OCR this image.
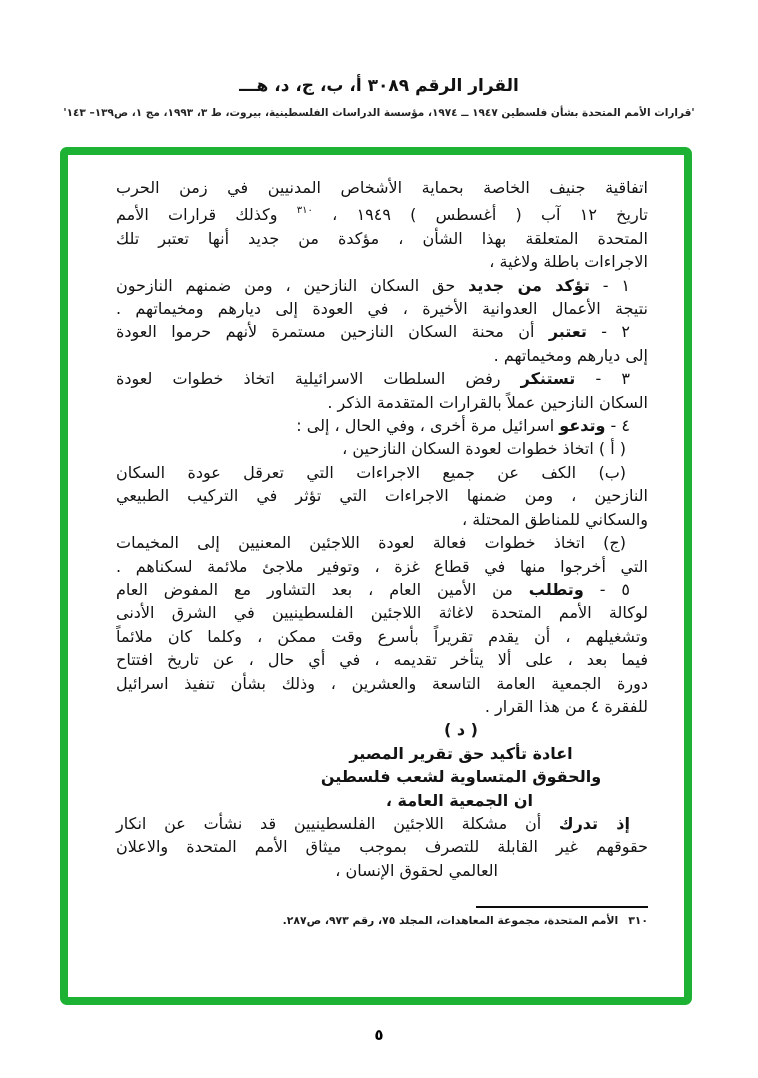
القرار الرقم ٣٠٨٩ أ، ب، ج، د، هـــ
'قرارات الأمم المتحدة بشأن فلسطين ١٩٤٧ ــ ١٩٧٤، مؤسسة الدراسات الفلسطينية، بيروت، ط ٣، ١٩٩٣، مج ١، ص١٣٩– ١٤٣'
اتفاقية جنيف الخاصة بحماية الأشخاص المدنيين في زمن الحرب
تاريخ ١٢ آب ( أغسطس ) ١٩٤٩ ، $^{٣١٠}$ وكذلك قرارات الأمم
المتحدة المتعلقة بهذا الشأن ، مؤكدة من جديد أنها تعتبر تلك
الاجراءات باطلة ولاغية ،
١ - تؤكد من جديد حق السكان النازحين ، ومن ضمنهم النازحون
نتيجة الأعمال العدوانية الأخيرة ، في العودة إلى ديارهم ومخيماتهم .
٢ - تعتبر أن محنة السكان النازحين مستمرة لأنهم حرموا العودة
إلى ديارهم ومخيماتهم .
٣ - تستنكر رفض السلطات الاسرائيلية اتخاذ خطوات لعودة
السكان النازحين عملاً بالقرارات المتقدمة الذكر .
٤ - وتدعو اسرائيل مرة أخرى ، وفي الحال ، إلى :
( أ ) اتخاذ خطوات لعودة السكان النازحين ،
(ب) الكف عن جميع الاجراءات التي تعرقل عودة السكان
النازحين ، ومن ضمنها الاجراءات التي تؤثر في التركيب الطبيعي
والسكاني للمناطق المحتلة ،
(ج) اتخاذ خطوات فعالة لعودة اللاجئين المعنيين إلى المخيمات
التي أخرجوا منها في قطاع غزة ، وتوفير ملاجئ ملائمة لسكناهم .
٥ - وتطلب من الأمين العام ، بعد التشاور مع المفوض العام
لوكالة الأمم المتحدة لاغاثة اللاجئين الفلسطينيين في الشرق الأدنى
وتشغيلهم ، أن يقدم تقريراً بأسرع وقت ممكن ، وكلما كان ملائماً
فيما بعد ، على ألا يتأخر تقديمه ، في أي حال ، عن تاريخ افتتاح
دورة الجمعية العامة التاسعة والعشرين ، وذلك بشأن تنفيذ اسرائيل
للفقرة ٤ من هذا القرار .
( د )
اعادة تأكيد حق تقرير المصير
والحقوق المتساوية لشعب فلسطين
ان الجمعية العامة ،
إذ تدرك أن مشكلة اللاجئين الفلسطينيين قد نشأت عن انكار
حقوقهم غير القابلة للتصرف بموجب ميثاق الأمم المتحدة والاعلان
العالمي لحقوق الإنسان ،
٣١٠الأمم المتحدة، مجموعة المعاهدات، المجلد ٧٥، رقم ٩٧٣، ص٢٨٧.
٥
